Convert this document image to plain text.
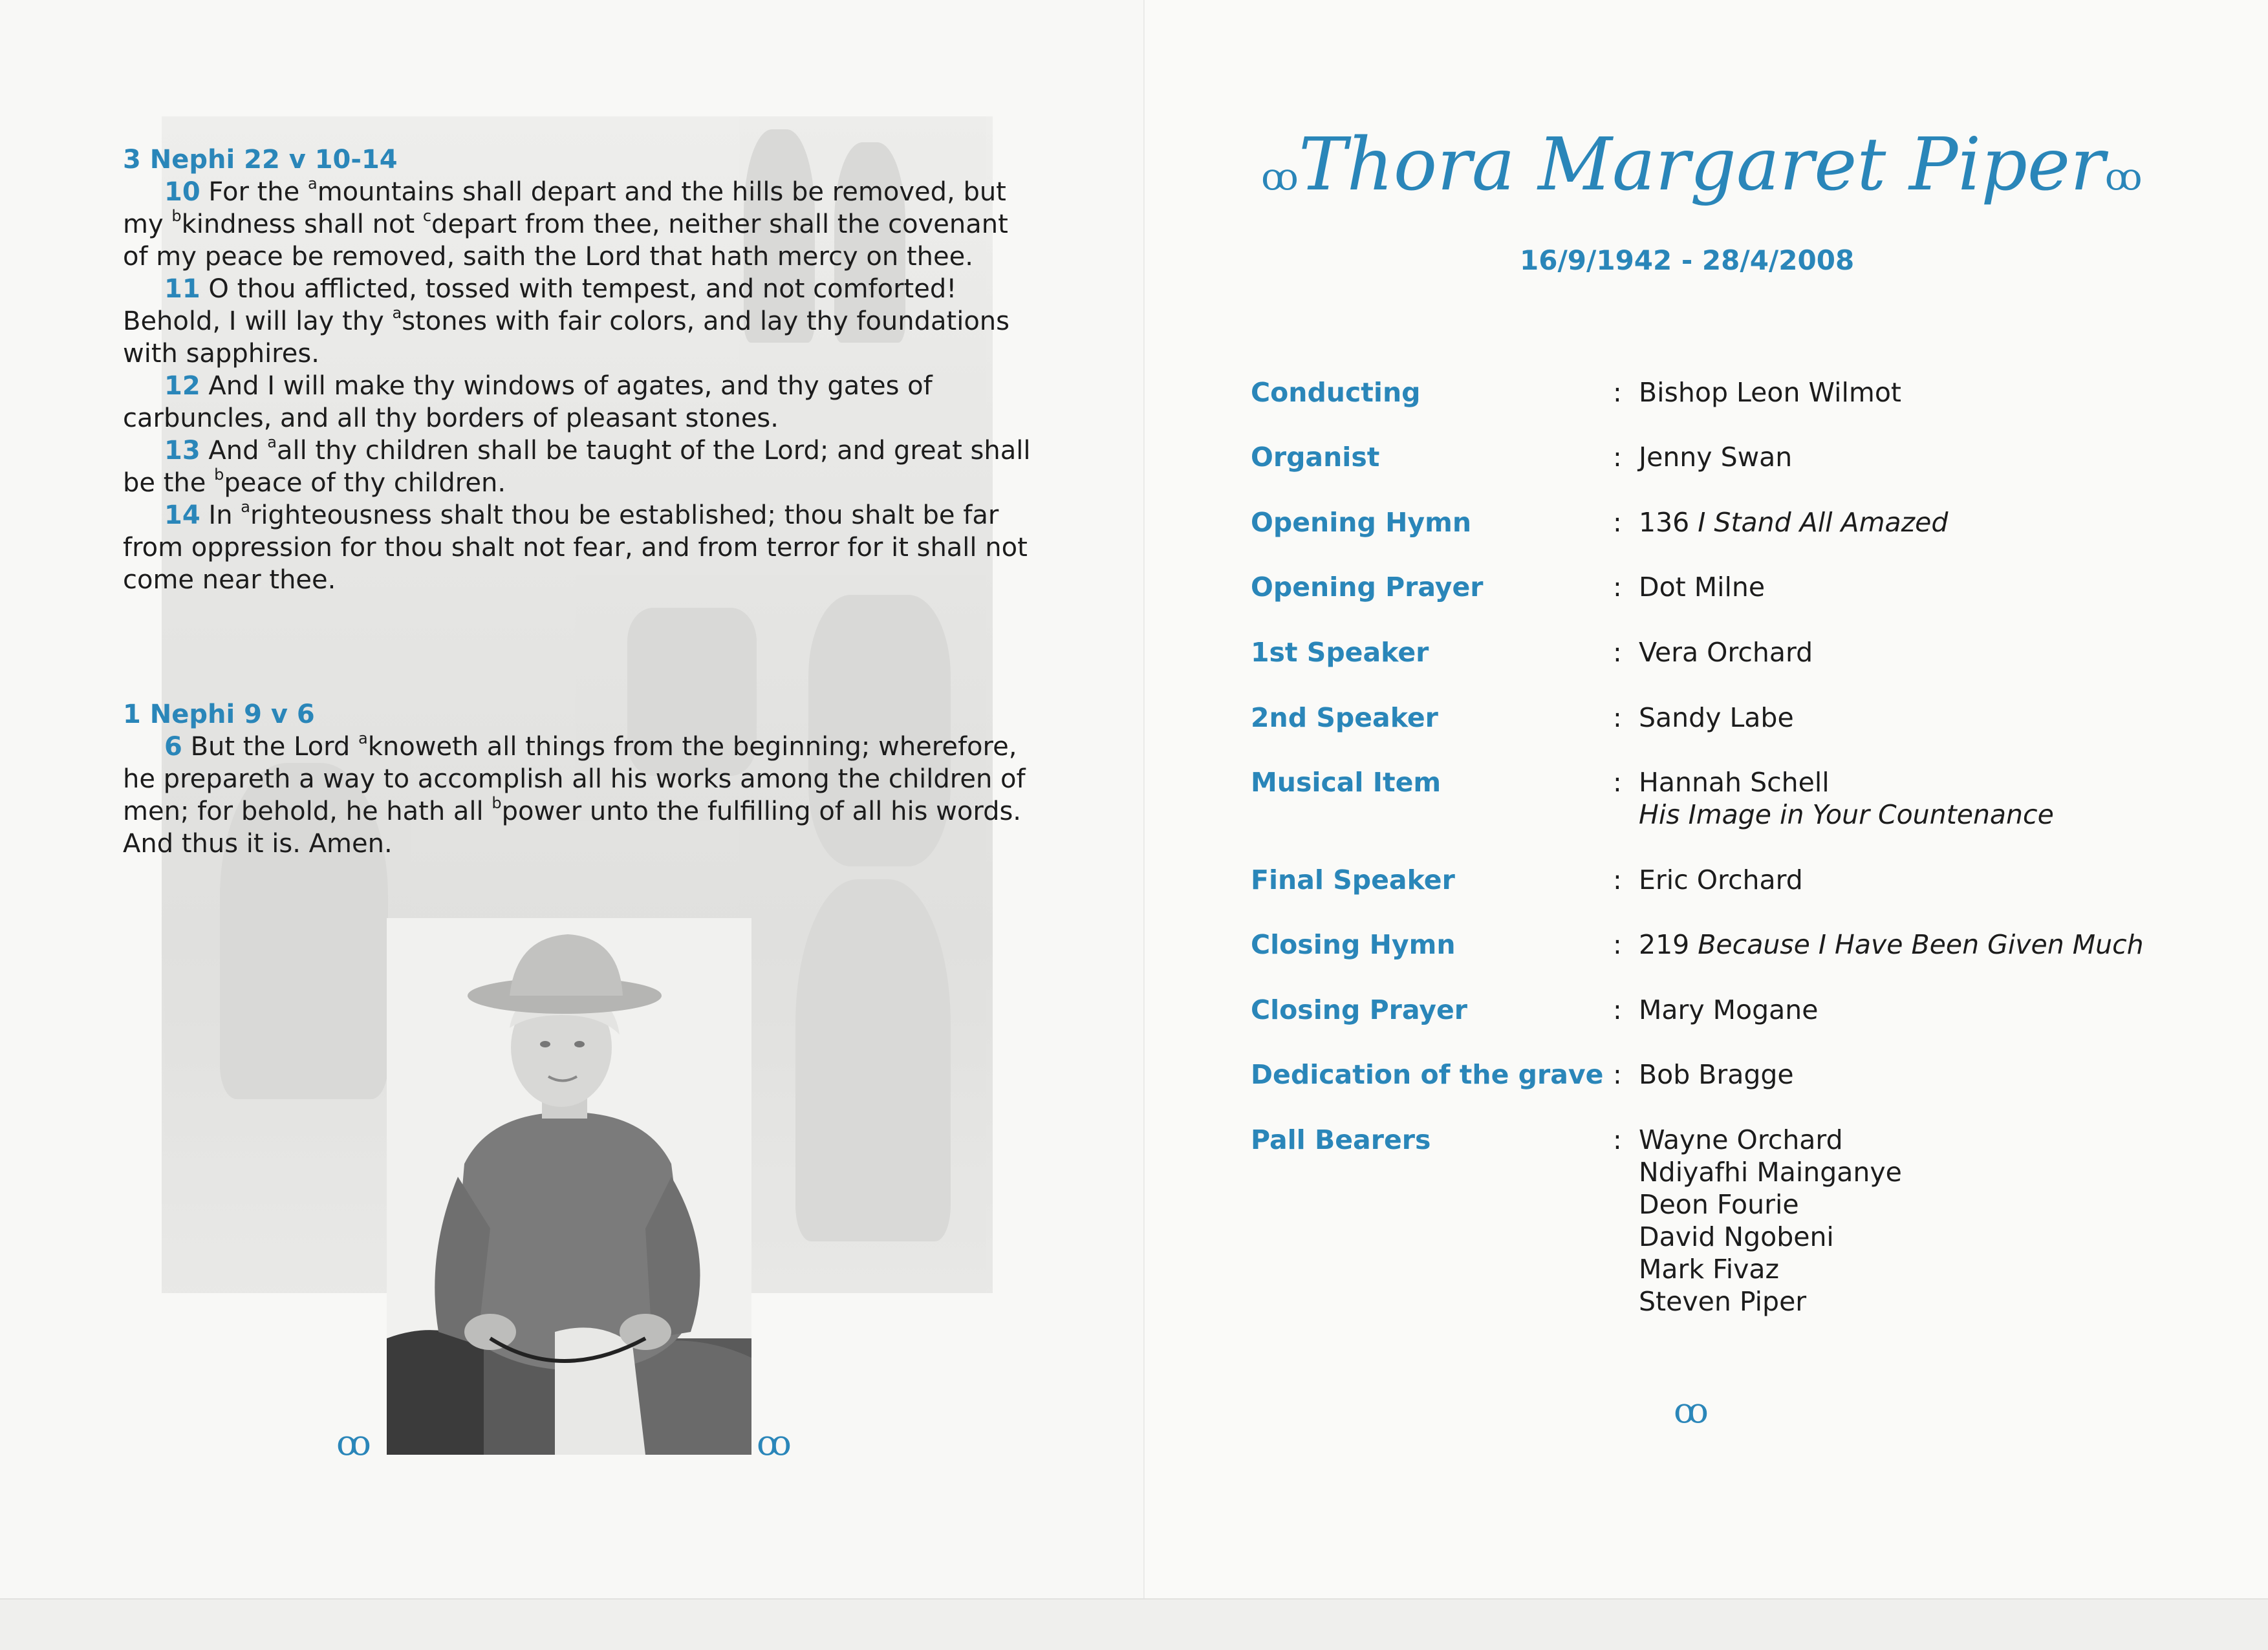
3 Nephi 22 v 10-14

10 For the $^a$mountains shall depart and the hills be removed, but my $^b$kindness shall not $^c$depart from thee, neither shall the covenant of my peace be removed, saith the Lord that hath mercy on thee.

11 O thou afflicted, tossed with tempest, and not comforted! Behold, I will lay thy $^a$stones with fair colors, and lay thy foundations with sapphires.

12 And I will make thy windows of agates, and thy gates of carbuncles, and all thy borders of pleasant stones.

13 And $^a$all thy children shall be taught of the Lord; and great shall be the $^b$peace of thy children.

14 In $^a$righteousness shalt thou be established; thou shalt be far from oppression for thou shalt not fear, and from terror for it shall not come near thee.

1 Nephi 9 v 6

6 But the Lord $^a$knoweth all things from the beginning; wherefore, he prepareth a way to accomplish all his works among the children of men; for behold, he hath all $^b$power unto the fulfilling of all his words. And thus it is. Amen.

ꝏ	ꝏ

ꝏThora Margaret Piperꝏ
16/9/1942 - 28/4/2008
Conducting	: Bishop Leon Wilmot
Organist	: Jenny Swan
Opening Hymn	: 136 I Stand All Amazed
Opening Prayer	: Dot Milne
1st Speaker	: Vera Orchard
2nd Speaker	: Sandy Labe
Musical Item	: Hannah Schell
His Image in Your Countenance
Final Speaker	: Eric Orchard
Closing Hymn	: 219 Because I Have Been Given Much
Closing Prayer	: Mary Mogane
Dedication of the grave : Bob Bragge
Pall Bearers	: Wayne Orchard
Ndiyafhi Mainganye
Deon Fourie
David Ngobeni
Mark Fivaz
Steven Piper
ꝏ
